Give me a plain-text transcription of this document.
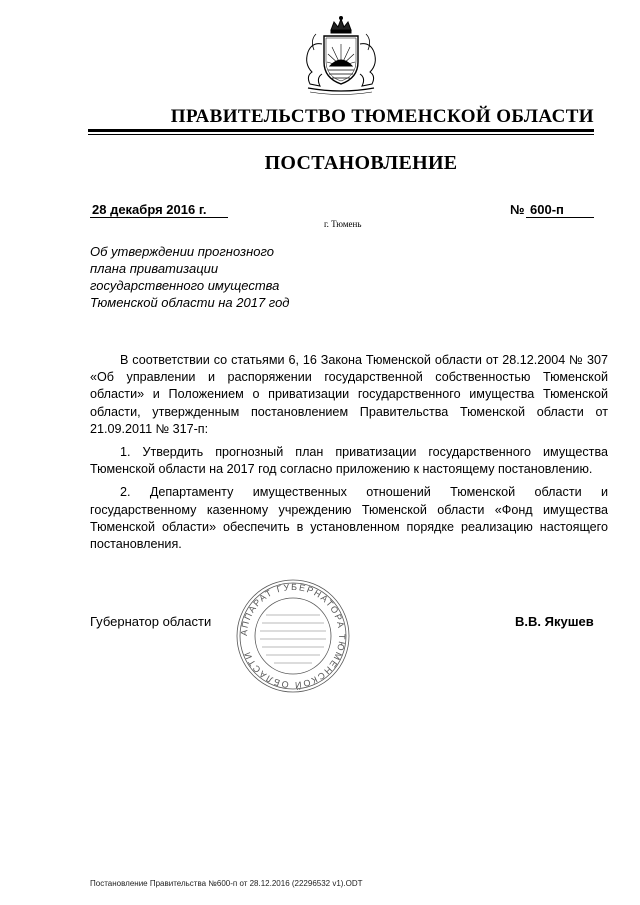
ПРАВИТЕЛЬСТВО ТЮМЕНСКОЙ ОБЛАСТИ
ПОСТАНОВЛЕНИЕ
28 декабря 2016 г.	№ 600-п
г. Тюмень
Об утверждении прогнозного
плана приватизации
государственного имущества
Тюменской области на 2017 год

В соответствии со статьями 6, 16 Закона Тюменской области от 28.12.2004 № 307 «Об управлении и распоряжении государственной собственностью Тюменской области» и Положением о приватизации государственного имущества Тюменской области, утвержденным постановлением Правительства Тюменской области от 21.09.2011 № 317-п:

1. Утвердить прогнозный план приватизации государственного имущества Тюменской области на 2017 год согласно приложению к настоящему постановлению.

2. Департаменту имущественных отношений Тюменской области и государственному казенному учреждению Тюменской области «Фонд имущества Тюменской области» обеспечить в установленном порядке реализацию настоящего постановления.

АППАРАТ ГУБЕРНАТОРА ТЮМЕНСКОЙ ОБЛАСТИ
Губернатор области	В.В. Якушев
Постановление Правительства №600-п от 28.12.2016 (22296532 v1).ODT
